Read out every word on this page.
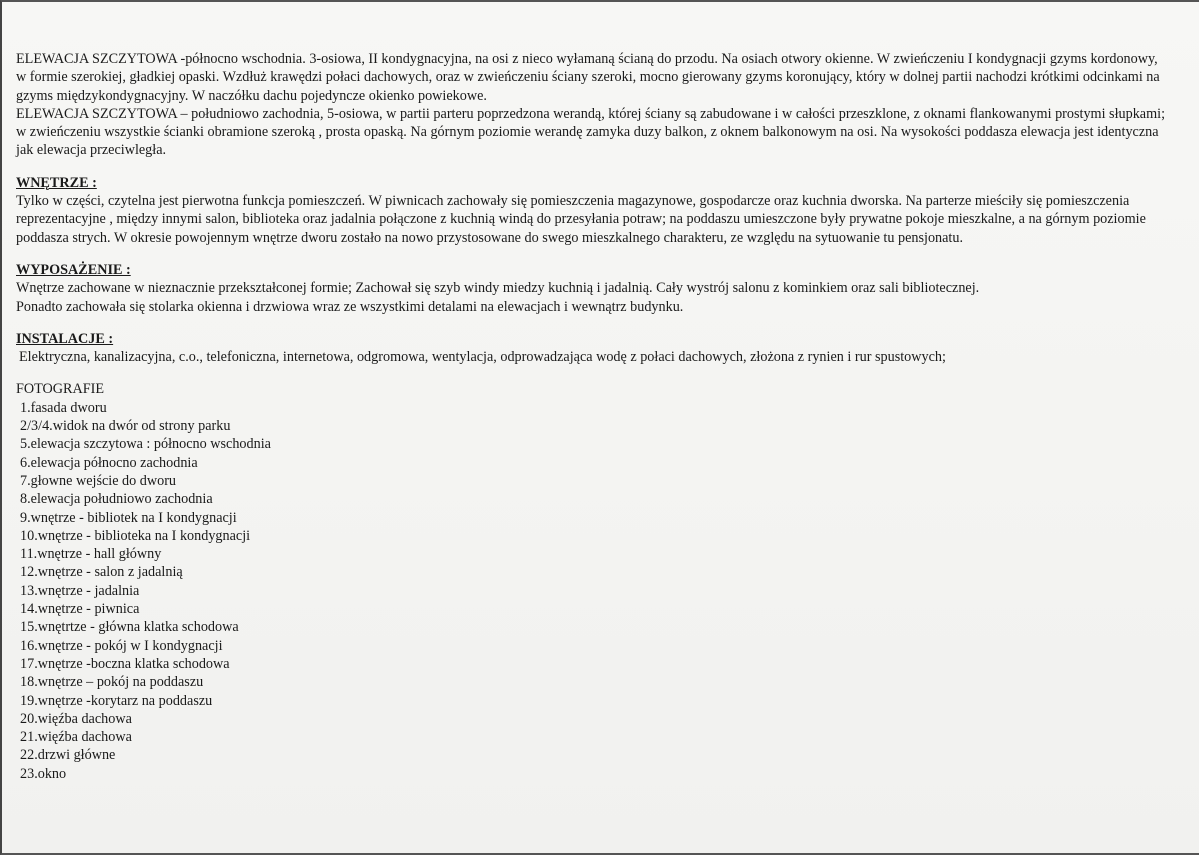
ELEWACJA SZCZYTOWA -północno wschodnia. 3-osiowa, II kondygnacyjna, na osi z nieco wyłamaną ścianą do przodu. Na osiach otwory okienne. W zwieńczeniu I kondygnacji gzyms kordonowy, w formie szerokiej, gładkiej opaski. Wzdłuż krawędzi połaci dachowych, oraz w zwieńczeniu ściany szeroki, mocno gierowany gzyms koronujący, który w dolnej partii nachodzi krótkimi odcinkami na gzyms międzykondygnacyjny. W naczółku dachu pojedyncze okienko powiekowe.

ELEWACJA SZCZYTOWA – południowo zachodnia, 5-osiowa, w partii parteru poprzedzona werandą, której ściany są zabudowane i w całości przeszklone, z oknami flankowanymi prostymi słupkami; w zwieńczeniu wszystkie ścianki obramione szeroką , prosta opaską. Na górnym poziomie werandę zamyka duzy balkon, z oknem balkonowym na osi. Na wysokości poddasza elewacja jest identyczna jak elewacja przeciwległa.

WNĘTRZE :

Tylko w części, czytelna jest pierwotna funkcja pomieszczeń. W piwnicach zachowały się pomieszczenia magazynowe, gospodarcze oraz kuchnia dworska. Na parterze mieściły się pomieszczenia reprezentacyjne , między innymi salon, biblioteka oraz jadalnia połączone z kuchnią windą do przesyłania potraw; na poddaszu umieszczone były prywatne pokoje mieszkalne, a na górnym poziomie poddasza strych. W okresie powojennym wnętrze dworu zostało na nowo przystosowane do swego mieszkalnego charakteru, ze względu na sytuowanie tu pensjonatu.

WYPOSAŻENIE :

Wnętrze zachowane w nieznacznie przekształconej formie; Zachował się szyb windy miedzy kuchnią i jadalnią. Cały wystrój salonu z kominkiem oraz sali bibliotecznej.

Ponadto zachowała się stolarka okienna i drzwiowa wraz ze wszystkimi detalami na elewacjach i wewnątrz budynku.

INSTALACJE :

Elektryczna, kanalizacyjna, c.o., telefoniczna, internetowa, odgromowa, wentylacja, odprowadzająca wodę z połaci dachowych, złożona z rynien i rur spustowych;

FOTOGRAFIE

1.fasada dworu
2/3/4.widok na dwór od strony parku
5.elewacja szczytowa : północno wschodnia
6.elewacja północno zachodnia
7.głowne wejście do dworu
8.elewacja południowo zachodnia
9.wnętrze - bibliotek na I kondygnacji
10.wnętrze - biblioteka na I kondygnacji
11.wnętrze - hall główny
12.wnętrze - salon z jadalnią
13.wnętrze - jadalnia
14.wnętrze - piwnica
15.wnętrtze - główna klatka schodowa
16.wnętrze - pokój w I kondygnacji
17.wnętrze -boczna klatka schodowa
18.wnętrze – pokój na poddaszu
19.wnętrze -korytarz na poddaszu
20.więźba dachowa
21.więźba dachowa
22.drzwi główne
23.okno
